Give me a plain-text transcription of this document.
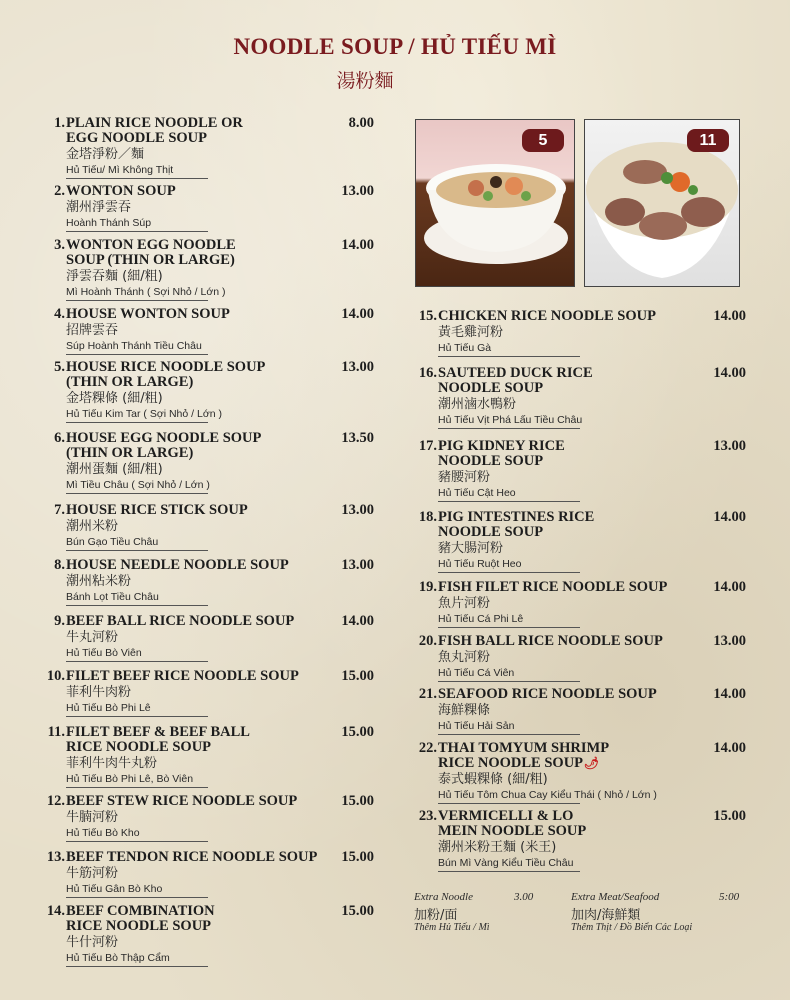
NOODLE SOUP / HỦ TIẾU MÌ
湯粉麵
5	11
1. PLAIN RICE NOODLE OR
EGG NOODLE SOUP
8.00
金塔淨粉／麵
Hủ Tiếu/ Mì Không Thịt
2. WONTON SOUP	13.00
潮州淨雲吞
Hoành Thánh Súp
3. WONTON EGG NOODLE
SOUP (THIN OR LARGE)
14.00
淨雲吞麵 (細/粗)
Mì Hoành Thánh ( Sợi Nhỏ / Lớn )
4. HOUSE WONTON SOUP	14.00
招牌雲吞
Súp Hoành Thánh Tiều Châu
5. HOUSE RICE NOODLE SOUP
(THIN OR LARGE)
13.00
金塔粿條 (細/粗)
Hủ Tiếu Kim Tar ( Sợi Nhỏ / Lớn )
6. HOUSE EGG NOODLE SOUP
(THIN OR LARGE)
13.50
潮州蛋麵 (細/粗)
Mì Tiều Châu ( Sợi Nhỏ / Lớn )
7. HOUSE RICE STICK SOUP	13.00
潮州米粉
Bún Gạo Tiều Châu
8. HOUSE NEEDLE NOODLE SOUP	13.00
潮州粘米粉
Bánh Lọt Tiều Châu
9. BEEF BALL RICE NOODLE SOUP	14.00
牛丸河粉
Hủ Tiếu Bò Viên
10. FILET BEEF RICE NOODLE SOUP	15.00
菲利牛肉粉
Hủ Tiếu Bò Phi Lê
11. FILET BEEF & BEEF BALL
RICE NOODLE SOUP
15.00
菲利牛肉牛丸粉
Hủ Tiếu Bò Phi Lê, Bò Viên
12. BEEF STEW RICE NOODLE SOUP	15.00
牛腩河粉
Hủ Tiếu Bò Kho
13. BEEF TENDON RICE NOODLE SOUP	15.00
牛筋河粉
Hủ Tiếu Gân Bò Kho
14. BEEF COMBINATION
RICE NOODLE SOUP
15.00
牛什河粉
Hủ Tiếu Bò Thập Cẩm
15. CHICKEN RICE NOODLE SOUP	14.00
黃毛雞河粉
Hủ Tiếu Gà
16. SAUTEED DUCK RICE
NOODLE SOUP
14.00
潮州滷水鴨粉
Hủ Tiếu Vịt Phá Lấu Tiều Châu
17. PIG KIDNEY RICE
NOODLE SOUP
13.00
豬腰河粉
Hủ Tiếu Cật Heo
18. PIG INTESTINES RICE
NOODLE SOUP
14.00
豬大腸河粉
Hủ Tiếu Ruột Heo
19. FISH FILET RICE NOODLE SOUP	14.00
魚片河粉
Hủ Tiếu Cá Phi Lê
20. FISH BALL RICE NOODLE SOUP	13.00
魚丸河粉
Hủ Tiếu Cá Viên
21. SEAFOOD RICE NOODLE SOUP	14.00
海鮮粿條
Hủ Tiếu Hải Sản
22. THAI TOMYUM SHRIMP
RICE NOODLE SOUP🌶
14.00
泰式蝦粿條 (細/粗)
Hủ Tiếu Tôm Chua Cay Kiểu Thái ( Nhỏ / Lớn )
23. VERMICELLI & LO
MEIN NOODLE SOUP
15.00
潮州米粉王麵 (米王)
Bún Mì Vàng Kiểu Tiều Châu
Extra Noodle	3.00
加粉/面
Thêm Hủ Tiếu / Mì
Extra Meat/Seafood	5:00
加肉/海鮮類
Thêm Thịt / Đồ Biển Các Loại
